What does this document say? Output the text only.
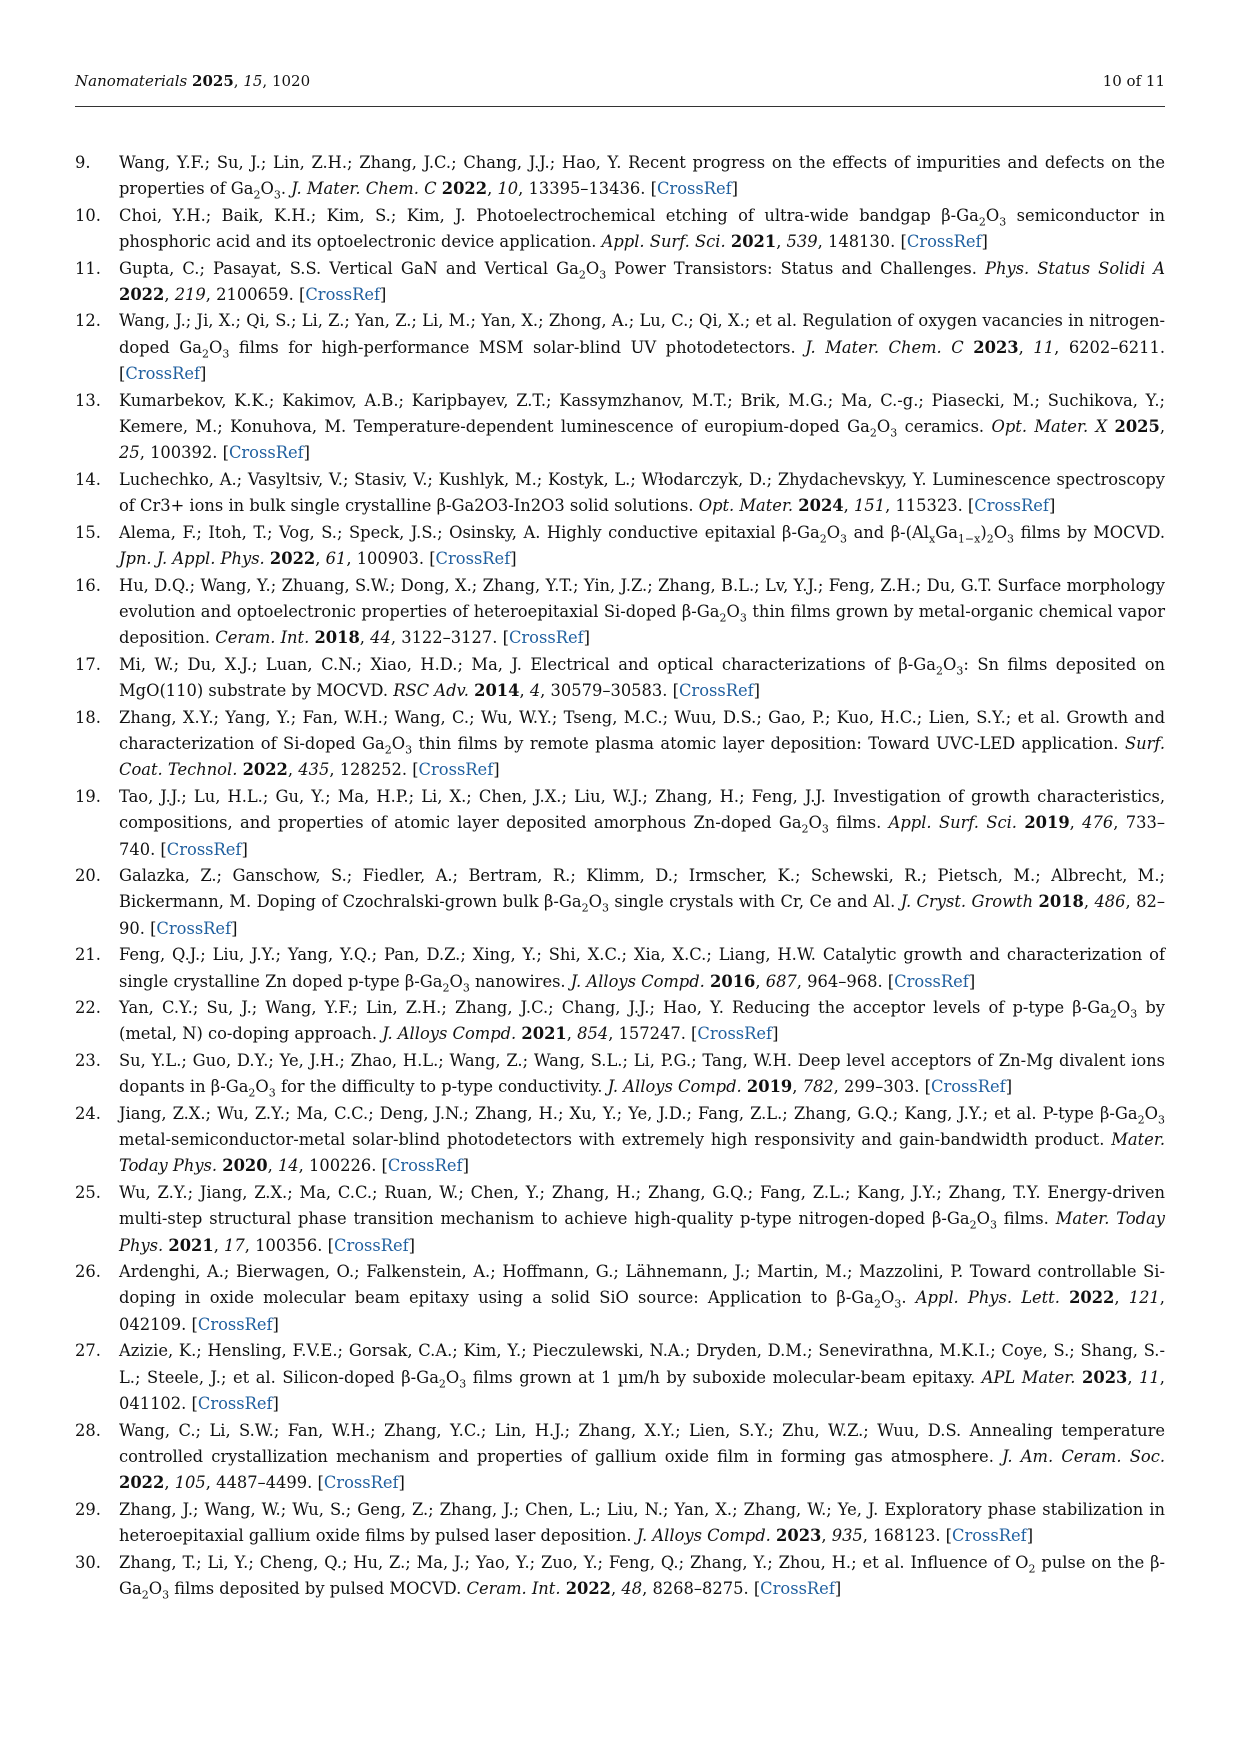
Nanomaterials 2025, 15, 1020	10 of 11
9. Wang, Y.F.; Su, J.; Lin, Z.H.; Zhang, J.C.; Chang, J.J.; Hao, Y. Recent progress on the effects of impurities and defects on the properties of $Ga_2O_3$. J. Mater. Chem. C 2022, 10, 13395–13436. [CrossRef]
10. Choi, Y.H.; Baik, K.H.; Kim, S.; Kim, J. Photoelectrochemical etching of ultra-wide bandgap $\beta-Ga_2O_3$ semiconductor in phosphoric acid and its optoelectronic device application. Appl. Surf. Sci. 2021, 539, 148130. [CrossRef]
11. Gupta, C.; Pasayat, S.S. Vertical GaN and Vertical $Ga_2O_3$ Power Transistors: Status and Challenges. Phys. Status Solidi A 2022, 219, 2100659. [CrossRef]
12. Wang, J.; Ji, X.; Qi, S.; Li, Z.; Yan, Z.; Li, M.; Yan, X.; Zhong, A.; Lu, C.; Qi, X.; et al. Regulation of oxygen vacancies in nitrogen-doped $Ga_2O_3$ films for high-performance MSM solar-blind UV photodetectors. J. Mater. Chem. C 2023, 11, 6202–6211. [CrossRef]
13. Kumarbekov, K.K.; Kakimov, A.B.; Karipbayev, Z.T.; Kassymzhanov, M.T.; Brik, M.G.; Ma, C.-g.; Piasecki, M.; Suchikova, Y.; Kemere, M.; Konuhova, M. Temperature-dependent luminescence of europium-doped $Ga_2O_3$ ceramics. Opt. Mater. X 2025, 25, 100392. [CrossRef]
14. Luchechko, A.; Vasyltsiv, V.; Stasiv, V.; Kushlyk, M.; Kostyk, L.; Włodarczyk, D.; Zhydachevskyy, Y. Luminescence spectroscopy of Cr3+ ions in bulk single crystalline β-Ga2O3-In2O3 solid solutions. Opt. Mater. 2024, 151, 115323. [CrossRef]
15. Alema, F.; Itoh, T.; Vog, S.; Speck, J.S.; Osinsky, A. Highly conductive epitaxial $\beta-Ga_2O_3$ and $\beta-(Al_xGa_{1-x})_2O_3$ films by MOCVD. Jpn. J. Appl. Phys. 2022, 61, 100903. [CrossRef]
16. Hu, D.Q.; Wang, Y.; Zhuang, S.W.; Dong, X.; Zhang, Y.T.; Yin, J.Z.; Zhang, B.L.; Lv, Y.J.; Feng, Z.H.; Du, G.T. Surface morphology evolution and optoelectronic properties of heteroepitaxial Si-doped $\beta-Ga_2O_3$ thin films grown by metal-organic chemical vapor deposition. Ceram. Int. 2018, 44, 3122–3127. [CrossRef]
17. Mi, W.; Du, X.J.; Luan, C.N.; Xiao, H.D.; Ma, J. Electrical and optical characterizations of $\beta-Ga_2O_3$: Sn films deposited on MgO(110) substrate by MOCVD. RSC Adv. 2014, 4, 30579–30583. [CrossRef]
18. Zhang, X.Y.; Yang, Y.; Fan, W.H.; Wang, C.; Wu, W.Y.; Tseng, M.C.; Wuu, D.S.; Gao, P.; Kuo, H.C.; Lien, S.Y.; et al. Growth and characterization of Si-doped $Ga_2O_3$ thin films by remote plasma atomic layer deposition: Toward UVC-LED application. Surf. Coat. Technol. 2022, 435, 128252. [CrossRef]
19. Tao, J.J.; Lu, H.L.; Gu, Y.; Ma, H.P.; Li, X.; Chen, J.X.; Liu, W.J.; Zhang, H.; Feng, J.J. Investigation of growth characteristics, compositions, and properties of atomic layer deposited amorphous Zn-doped $Ga_2O_3$ films. Appl. Surf. Sci. 2019, 476, 733–740. [CrossRef]
20. Galazka, Z.; Ganschow, S.; Fiedler, A.; Bertram, R.; Klimm, D.; Irmscher, K.; Schewski, R.; Pietsch, M.; Albrecht, M.; Bickermann, M. Doping of Czochralski-grown bulk $\beta-Ga_2O_3$ single crystals with Cr, Ce and Al. J. Cryst. Growth 2018, 486, 82–90. [CrossRef]
21. Feng, Q.J.; Liu, J.Y.; Yang, Y.Q.; Pan, D.Z.; Xing, Y.; Shi, X.C.; Xia, X.C.; Liang, H.W. Catalytic growth and characterization of single crystalline Zn doped p-type $\beta-Ga_2O_3$ nanowires. J. Alloys Compd. 2016, 687, 964–968. [CrossRef]
22. Yan, C.Y.; Su, J.; Wang, Y.F.; Lin, Z.H.; Zhang, J.C.; Chang, J.J.; Hao, Y. Reducing the acceptor levels of p-type $\beta-Ga_2O_3$ by (metal, N) co-doping approach. J. Alloys Compd. 2021, 854, 157247. [CrossRef]
23. Su, Y.L.; Guo, D.Y.; Ye, J.H.; Zhao, H.L.; Wang, Z.; Wang, S.L.; Li, P.G.; Tang, W.H. Deep level acceptors of Zn-Mg divalent ions dopants in $\beta-Ga_2O_3$ for the difficulty to p-type conductivity. J. Alloys Compd. 2019, 782, 299–303. [CrossRef]
24. Jiang, Z.X.; Wu, Z.Y.; Ma, C.C.; Deng, J.N.; Zhang, H.; Xu, Y.; Ye, J.D.; Fang, Z.L.; Zhang, G.Q.; Kang, J.Y.; et al. P-type $\beta-Ga_2O_3$ metal-semiconductor-metal solar-blind photodetectors with extremely high responsivity and gain-bandwidth product. Mater. Today Phys. 2020, 14, 100226. [CrossRef]
25. Wu, Z.Y.; Jiang, Z.X.; Ma, C.C.; Ruan, W.; Chen, Y.; Zhang, H.; Zhang, G.Q.; Fang, Z.L.; Kang, J.Y.; Zhang, T.Y. Energy-driven multi-step structural phase transition mechanism to achieve high-quality p-type nitrogen-doped $\beta-Ga_2O_3$ films. Mater. Today Phys. 2021, 17, 100356. [CrossRef]
26. Ardenghi, A.; Bierwagen, O.; Falkenstein, A.; Hoffmann, G.; Lähnemann, J.; Martin, M.; Mazzolini, P. Toward controllable Si-doping in oxide molecular beam epitaxy using a solid SiO source: Application to $\beta-Ga_2O_3$. Appl. Phys. Lett. 2022, 121, 042109. [CrossRef]
27. Azizie, K.; Hensling, F.V.E.; Gorsak, C.A.; Kim, Y.; Pieczulewski, N.A.; Dryden, D.M.; Senevirathna, M.K.I.; Coye, S.; Shang, S.-L.; Steele, J.; et al. Silicon-doped $\beta-Ga_2O_3$ films grown at 1 µm/h by suboxide molecular-beam epitaxy. APL Mater. 2023, 11, 041102. [CrossRef]
28. Wang, C.; Li, S.W.; Fan, W.H.; Zhang, Y.C.; Lin, H.J.; Zhang, X.Y.; Lien, S.Y.; Zhu, W.Z.; Wuu, D.S. Annealing temperature controlled crystallization mechanism and properties of gallium oxide film in forming gas atmosphere. J. Am. Ceram. Soc. 2022, 105, 4487–4499. [CrossRef]
29. Zhang, J.; Wang, W.; Wu, S.; Geng, Z.; Zhang, J.; Chen, L.; Liu, N.; Yan, X.; Zhang, W.; Ye, J. Exploratory phase stabilization in heteroepitaxial gallium oxide films by pulsed laser deposition. J. Alloys Compd. 2023, 935, 168123. [CrossRef]
30. Zhang, T.; Li, Y.; Cheng, Q.; Hu, Z.; Ma, J.; Yao, Y.; Zuo, Y.; Feng, Q.; Zhang, Y.; Zhou, H.; et al. Influence of $O_2$ pulse on the $\beta-Ga_2O_3$ films deposited by pulsed MOCVD. Ceram. Int. 2022, 48, 8268–8275. [CrossRef]
